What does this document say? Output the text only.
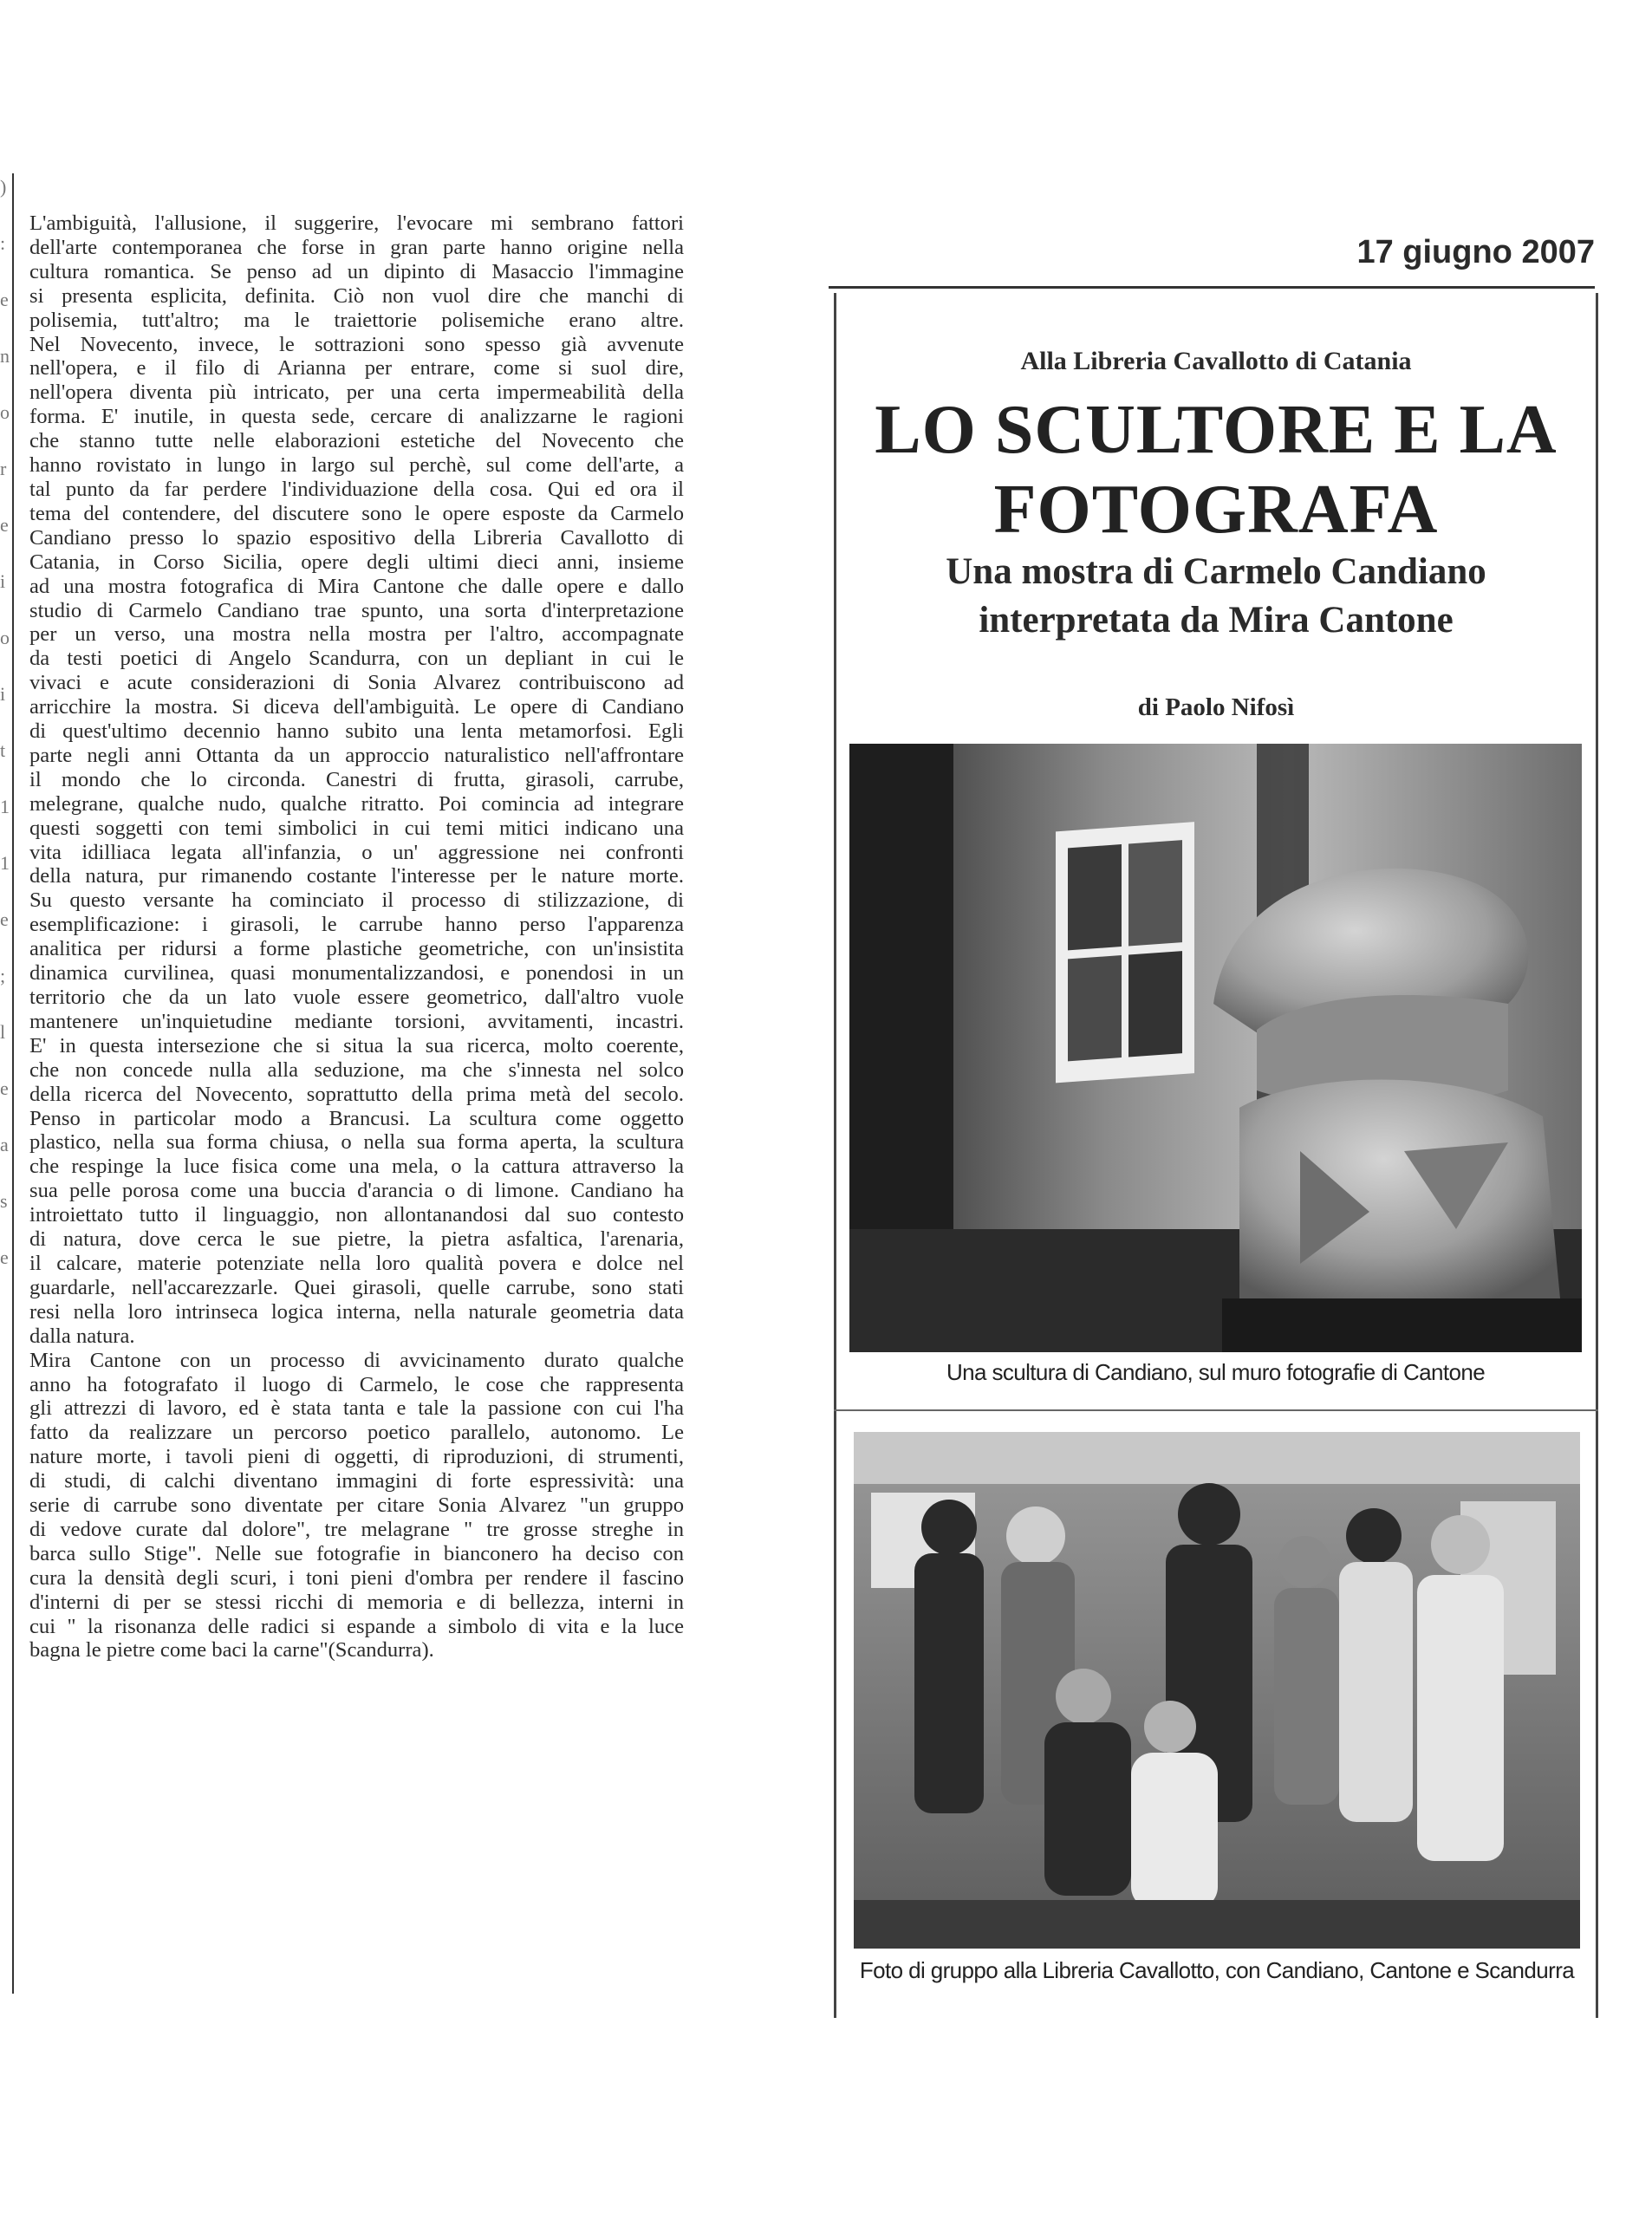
)
:
e
n
o
r
e
i
o
i
t
1
1
e
;
l
e
a
s
e

L'ambiguità, l'allusione, il suggerire, l'evocare mi sembrano fattori

dell'arte contemporanea che forse in gran parte hanno origine nella

cultura romantica. Se penso ad un dipinto di Masaccio l'immagine

si presenta esplicita, definita. Ciò non vuol dire che manchi di

polisemia, tutt'altro; ma le traiettorie polisemiche erano altre.

Nel Novecento, invece, le sottrazioni sono spesso già avvenute

nell'opera, e il filo di Arianna per entrare, come si suol dire,

nell'opera diventa più intricato, per una certa impermeabilità della

forma. E' inutile, in questa sede, cercare di analizzarne le ragioni

che stanno tutte nelle elaborazioni estetiche del Novecento che

hanno rovistato in lungo in largo sul perchè, sul come dell'arte, a

tal punto da far perdere l'individuazione della cosa. Qui ed ora il

tema del contendere, del discutere sono le opere esposte da Carmelo

Candiano presso lo spazio espositivo della Libreria Cavallotto di

Catania, in Corso Sicilia, opere degli ultimi dieci anni, insieme

ad una mostra fotografica di Mira Cantone che dalle opere e dallo

studio di Carmelo Candiano trae spunto, una sorta d'interpretazione

per un verso, una mostra nella mostra per l'altro, accompagnate

da testi poetici di Angelo Scandurra, con un depliant in cui le

vivaci e acute considerazioni di Sonia Alvarez contribuiscono ad

arricchire la mostra. Si diceva dell'ambiguità. Le opere di Candiano

di quest'ultimo decennio hanno subito una lenta metamorfosi. Egli

parte negli anni Ottanta da un approccio naturalistico nell'affrontare

il mondo che lo circonda. Canestri di frutta, girasoli, carrube,

melegrane, qualche nudo, qualche ritratto. Poi comincia ad integrare

questi soggetti con temi simbolici in cui temi mitici indicano una

vita idilliaca legata all'infanzia, o un' aggressione nei confronti

della natura, pur rimanendo costante l'interesse per le nature morte.

Su questo versante ha cominciato il processo di stilizzazione, di

esemplificazione: i girasoli, le carrube hanno perso l'apparenza

analitica per ridursi a forme plastiche geometriche, con un'insistita

dinamica curvilinea, quasi monumentalizzandosi, e ponendosi in un

territorio che da un lato vuole essere geometrico, dall'altro vuole

mantenere un'inquietudine mediante torsioni, avvitamenti, incastri.

E' in questa intersezione che si situa la sua ricerca, molto coerente,

che non concede nulla alla seduzione, ma che s'innesta nel solco

della ricerca del Novecento, soprattutto della prima metà del secolo.

Penso in particolar modo a Brancusi. La scultura come oggetto

plastico, nella sua forma chiusa, o nella sua forma aperta, la scultura

che respinge la luce fisica come una mela, o la cattura attraverso la

sua pelle porosa come una buccia d'arancia o di limone. Candiano ha

introiettato tutto il linguaggio, non allontanandosi dal suo contesto

di natura, dove cerca le sue pietre, la pietra asfaltica, l'arenaria,

il calcare, materie potenziate nella loro qualità povera e dolce nel

guardarle, nell'accarezzarle. Quei girasoli, quelle carrube, sono stati

resi nella loro intrinseca logica interna, nella naturale geometria data

dalla natura.

Mira Cantone con un processo di avvicinamento durato qualche

anno ha fotografato il luogo di Carmelo, le cose che rappresenta

gli attrezzi di lavoro, ed è stata tanta e tale la passione con cui l'ha

fatto da realizzare un percorso poetico parallelo, autonomo. Le

nature morte, i tavoli pieni di oggetti, di riproduzioni, di strumenti,

di studi, di calchi diventano immagini di forte espressività: una

serie di carrube sono diventate per citare Sonia Alvarez "un gruppo

di vedove curate dal dolore", tre melagrane " tre grosse streghe in

barca sullo Stige". Nelle sue fotografie in bianconero ha deciso con

cura la densità degli scuri, i toni pieni d'ombra per rendere il fascino

d'interni di per se stessi ricchi di memoria e di bellezza, interni in

cui " la risonanza delle radici si espande a simbolo di vita e la luce

bagna le pietre come baci la carne"(Scandurra).

17 giugno 2007
Alla Libreria Cavallotto di Catania
LO SCULTORE E LA
FOTOGRAFA
Una mostra di Carmelo Candiano
interpretata da Mira Cantone
di Paolo Nifosì
Una scultura di Candiano, sul muro fotografie di Cantone
Foto di gruppo alla Libreria Cavallotto, con Candiano, Cantone e Scandurra
